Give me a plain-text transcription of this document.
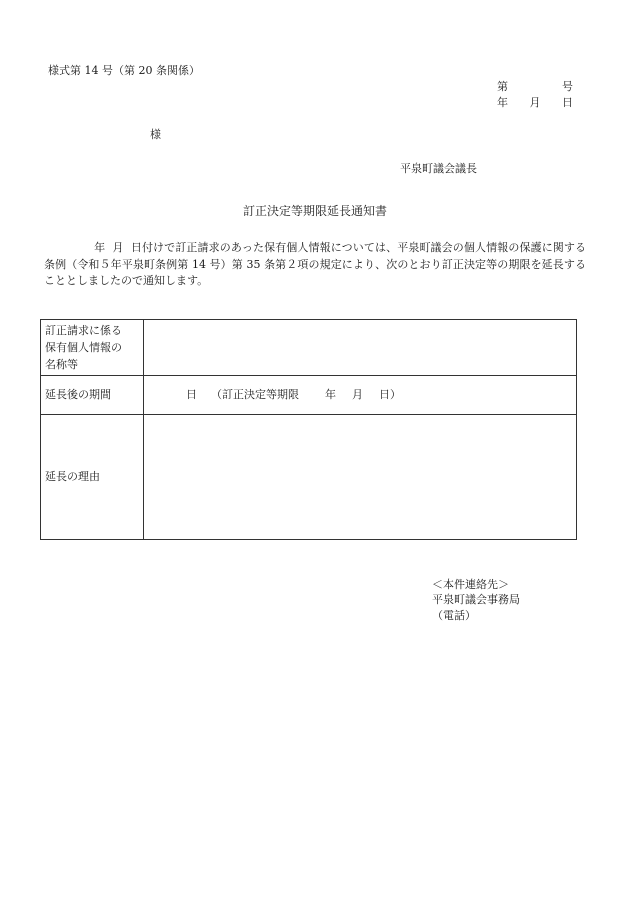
様式第 14 号（第 20 条関係）
第	号
年 月 日
様
平泉町議会議長
訂正決定等期限延長通知書
年 月 日付けで訂正請求のあった保有個人情報については、平泉町議会の個人情報の保護に関する条例（令和５年平泉町条例第 14 号）第 35 条第２項の規定により、次のとおり訂正決定等の期限を延長することとしましたので通知します。
訂正請求に係る
保有個人情報の
名称等	

延長後の期間	日 （訂正決定等期限 年 月 日）

延長の理由	
＜本件連絡先＞
平泉町議会事務局
（電話）
